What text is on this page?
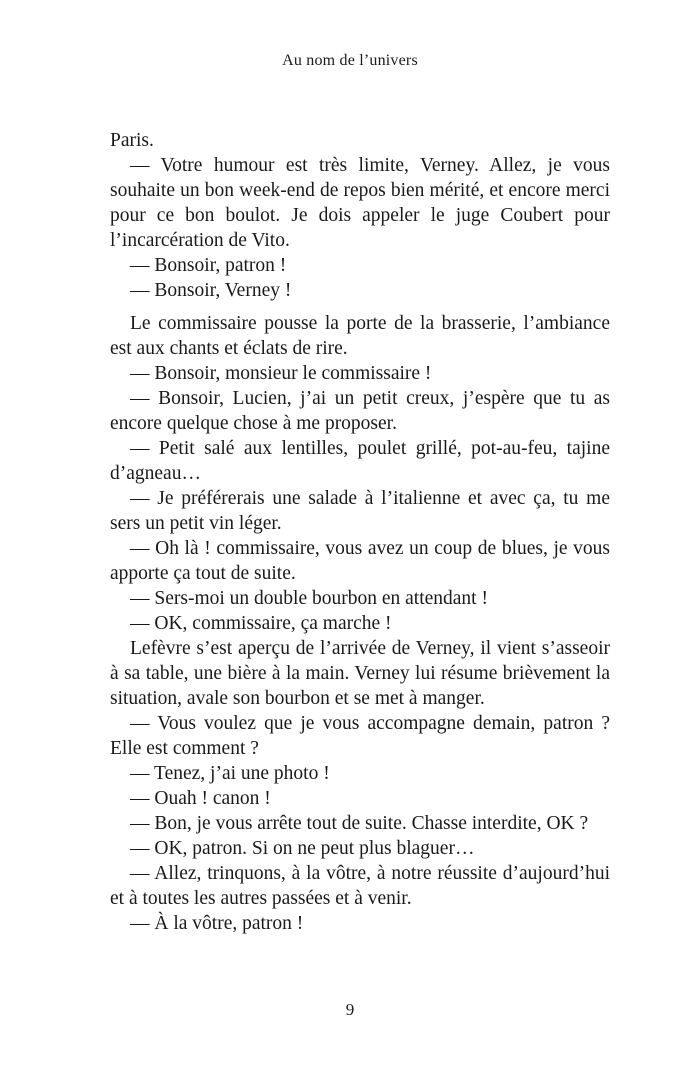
Au nom de l’univers

Paris.

— Votre humour est très limite, Verney. Allez, je vous souhaite un bon week-end de repos bien mérité, et encore merci pour ce bon boulot. Je dois appeler le juge Coubert pour l’incarcération de Vito.

— Bonsoir, patron !

— Bonsoir, Verney !

Le commissaire pousse la porte de la brasserie, l’ambiance est aux chants et éclats de rire.

— Bonsoir, monsieur le commissaire !

— Bonsoir, Lucien, j’ai un petit creux, j’espère que tu as encore quelque chose à me proposer.

— Petit salé aux lentilles, poulet grillé, pot-au-feu, tajine d’agneau…

— Je préférerais une salade à l’italienne et avec ça, tu me sers un petit vin léger.

— Oh là ! commissaire, vous avez un coup de blues, je vous apporte ça tout de suite.

— Sers-moi un double bourbon en attendant !

— OK, commissaire, ça marche !

Lefèvre s’est aperçu de l’arrivée de Verney, il vient s’asseoir à sa table, une bière à la main. Verney lui résume brièvement la situation, avale son bourbon et se met à manger.

— Vous voulez que je vous accompagne demain, patron ? Elle est comment ?

— Tenez, j’ai une photo !

— Ouah ! canon !

— Bon, je vous arrête tout de suite. Chasse interdite, OK ?

— OK, patron. Si on ne peut plus blaguer…

— Allez, trinquons, à la vôtre, à notre réussite d’aujourd’hui et à toutes les autres passées et à venir.

— À la vôtre, patron !

9
